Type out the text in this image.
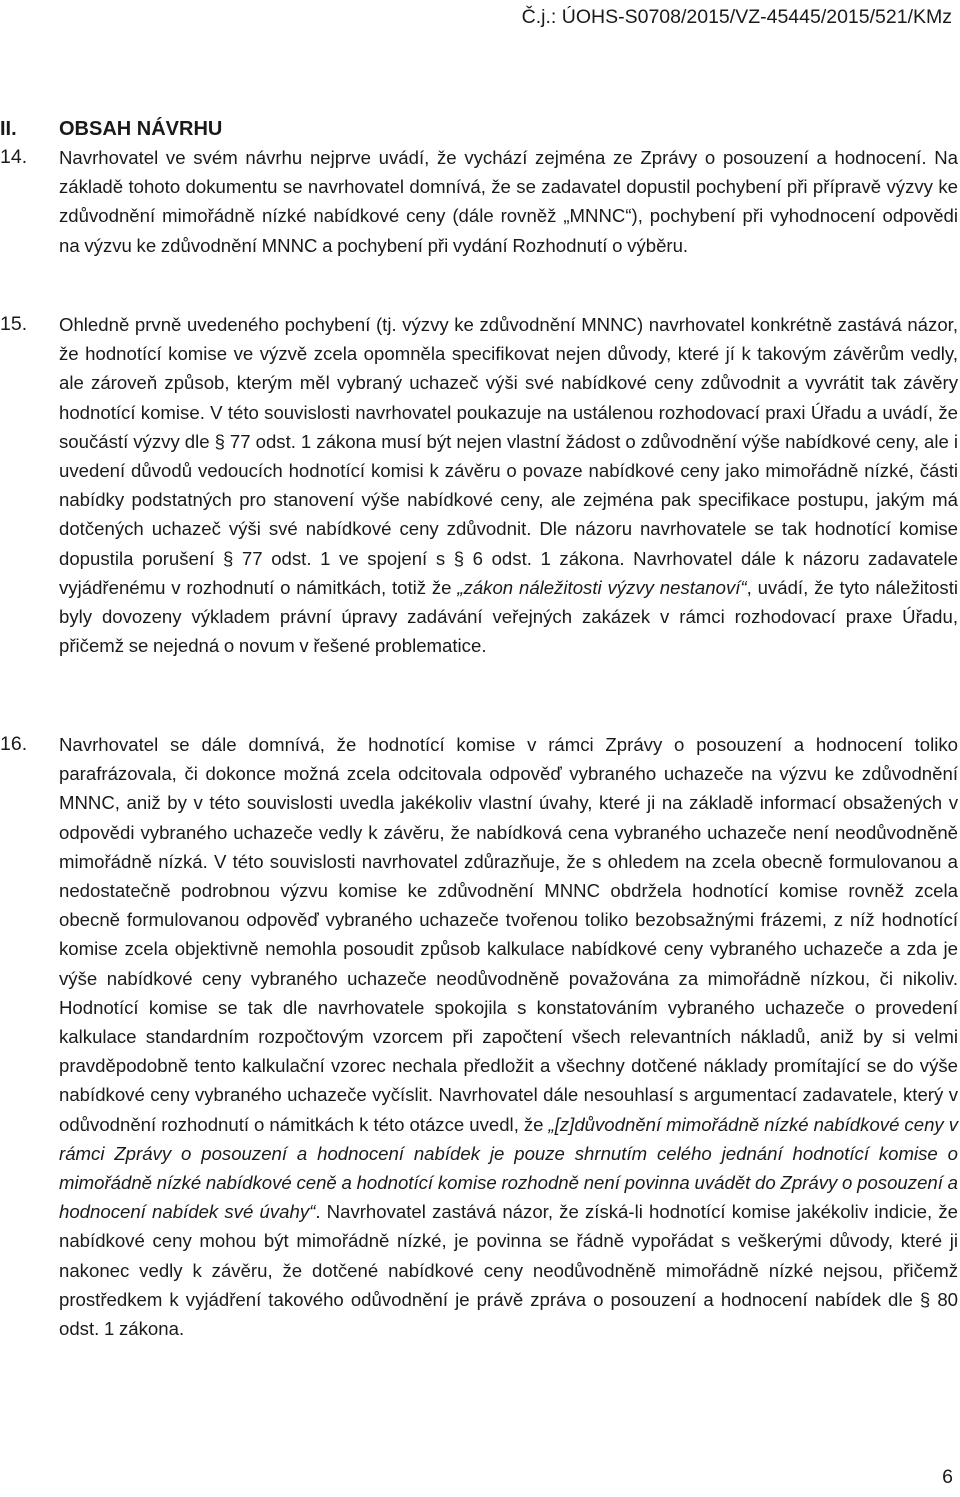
Č.j.: ÚOHS-S0708/2015/VZ-45445/2015/521/KMz
II. OBSAH NÁVRHU
14. Navrhovatel ve svém návrhu nejprve uvádí, že vychází zejména ze Zprávy o posouzení a hodnocení. Na základě tohoto dokumentu se navrhovatel domnívá, že se zadavatel dopustil pochybení při přípravě výzvy ke zdůvodnění mimořádně nízké nabídkové ceny (dále rovněž „MNNC“), pochybení při vyhodnocení odpovědi na výzvu ke zdůvodnění MNNC a pochybení při vydání Rozhodnutí o výběru.
15. Ohledně prvně uvedeného pochybení (tj. výzvy ke zdůvodnění MNNC) navrhovatel konkrétně zastává názor, že hodnotící komise ve výzvě zcela opomněla specifikovat nejen důvody, které jí k takovým závěrům vedly, ale zároveň způsob, kterým měl vybraný uchazeč výši své nabídkové ceny zdůvodnit a vyvrátit tak závěry hodnotící komise. V této souvislosti navrhovatel poukazuje na ustálenou rozhodovací praxi Úřadu a uvádí, že součástí výzvy dle § 77 odst. 1 zákona musí být nejen vlastní žádost o zdůvodnění výše nabídkové ceny, ale i uvedení důvodů vedoucích hodnotící komisi k závěru o povaze nabídkové ceny jako mimořádně nízké, části nabídky podstatných pro stanovení výše nabídkové ceny, ale zejména pak specifikace postupu, jakým má dotčených uchazeč výši své nabídkové ceny zdůvodnit. Dle názoru navrhovatele se tak hodnotící komise dopustila porušení § 77 odst. 1 ve spojení s § 6 odst. 1 zákona. Navrhovatel dále k názoru zadavatele vyjádřenému v rozhodnutí o námitkách, totiž že „zákon náležitosti výzvy nestanoví“, uvádí, že tyto náležitosti byly dovozeny výkladem právní úpravy zadávání veřejných zakázek v rámci rozhodovací praxe Úřadu, přičemž se nejedná o novum v řešené problematice.
16. Navrhovatel se dále domnívá, že hodnotící komise v rámci Zprávy o posouzení a hodnocení toliko parafrázovala, či dokonce možná zcela odcitovala odpověď vybraného uchazeče na výzvu ke zdůvodnění MNNC, aniž by v této souvislosti uvedla jakékoliv vlastní úvahy, které ji na základě informací obsažených v odpovědi vybraného uchazeče vedly k závěru, že nabídková cena vybraného uchazeče není neodůvodněně mimořádně nízká. V této souvislosti navrhovatel zdůrazňuje, že s ohledem na zcela obecně formulovanou a nedostatečně podrobnou výzvu komise ke zdůvodnění MNNC obdržela hodnotící komise rovněž zcela obecně formulovanou odpověď vybraného uchazeče tvořenou toliko bezobsažnými frázemi, z níž hodnotící komise zcela objektivně nemohla posoudit způsob kalkulace nabídkové ceny vybraného uchazeče a zda je výše nabídkové ceny vybraného uchazeče neodůvodněně považována za mimořádně nízkou, či nikoliv. Hodnotící komise se tak dle navrhovatele spokojila s konstatováním vybraného uchazeče o provedení kalkulace standardním rozpočtovým vzorcem při započtení všech relevantních nákladů, aniž by si velmi pravděpodobně tento kalkulační vzorec nechala předložit a všechny dotčené náklady promítající se do výše nabídkové ceny vybraného uchazeče vyčíslit. Navrhovatel dále nesouhlasí s argumentací zadavatele, který v odůvodnění rozhodnutí o námitkách k této otázce uvedl, že „[z]důvodnění mimořádně nízké nabídkové ceny v rámci Zprávy o posouzení a hodnocení nabídek je pouze shrnutím celého jednání hodnotící komise o mimořádně nízké nabídkové ceně a hodnotící komise rozhodně není povinna uvádět do Zprávy o posouzení a hodnocení nabídek své úvahy“. Navrhovatel zastává názor, že získá-li hodnotící komise jakékoliv indicie, že nabídkové ceny mohou být mimořádně nízké, je povinna se řádně vypořádat s veškerými důvody, které ji nakonec vedly k závěru, že dotčené nabídkové ceny neodůvodněně mimořádně nízké nejsou, přičemž prostředkem k vyjádření takového odůvodnění je právě zpráva o posouzení a hodnocení nabídek dle § 80 odst. 1 zákona.
6
